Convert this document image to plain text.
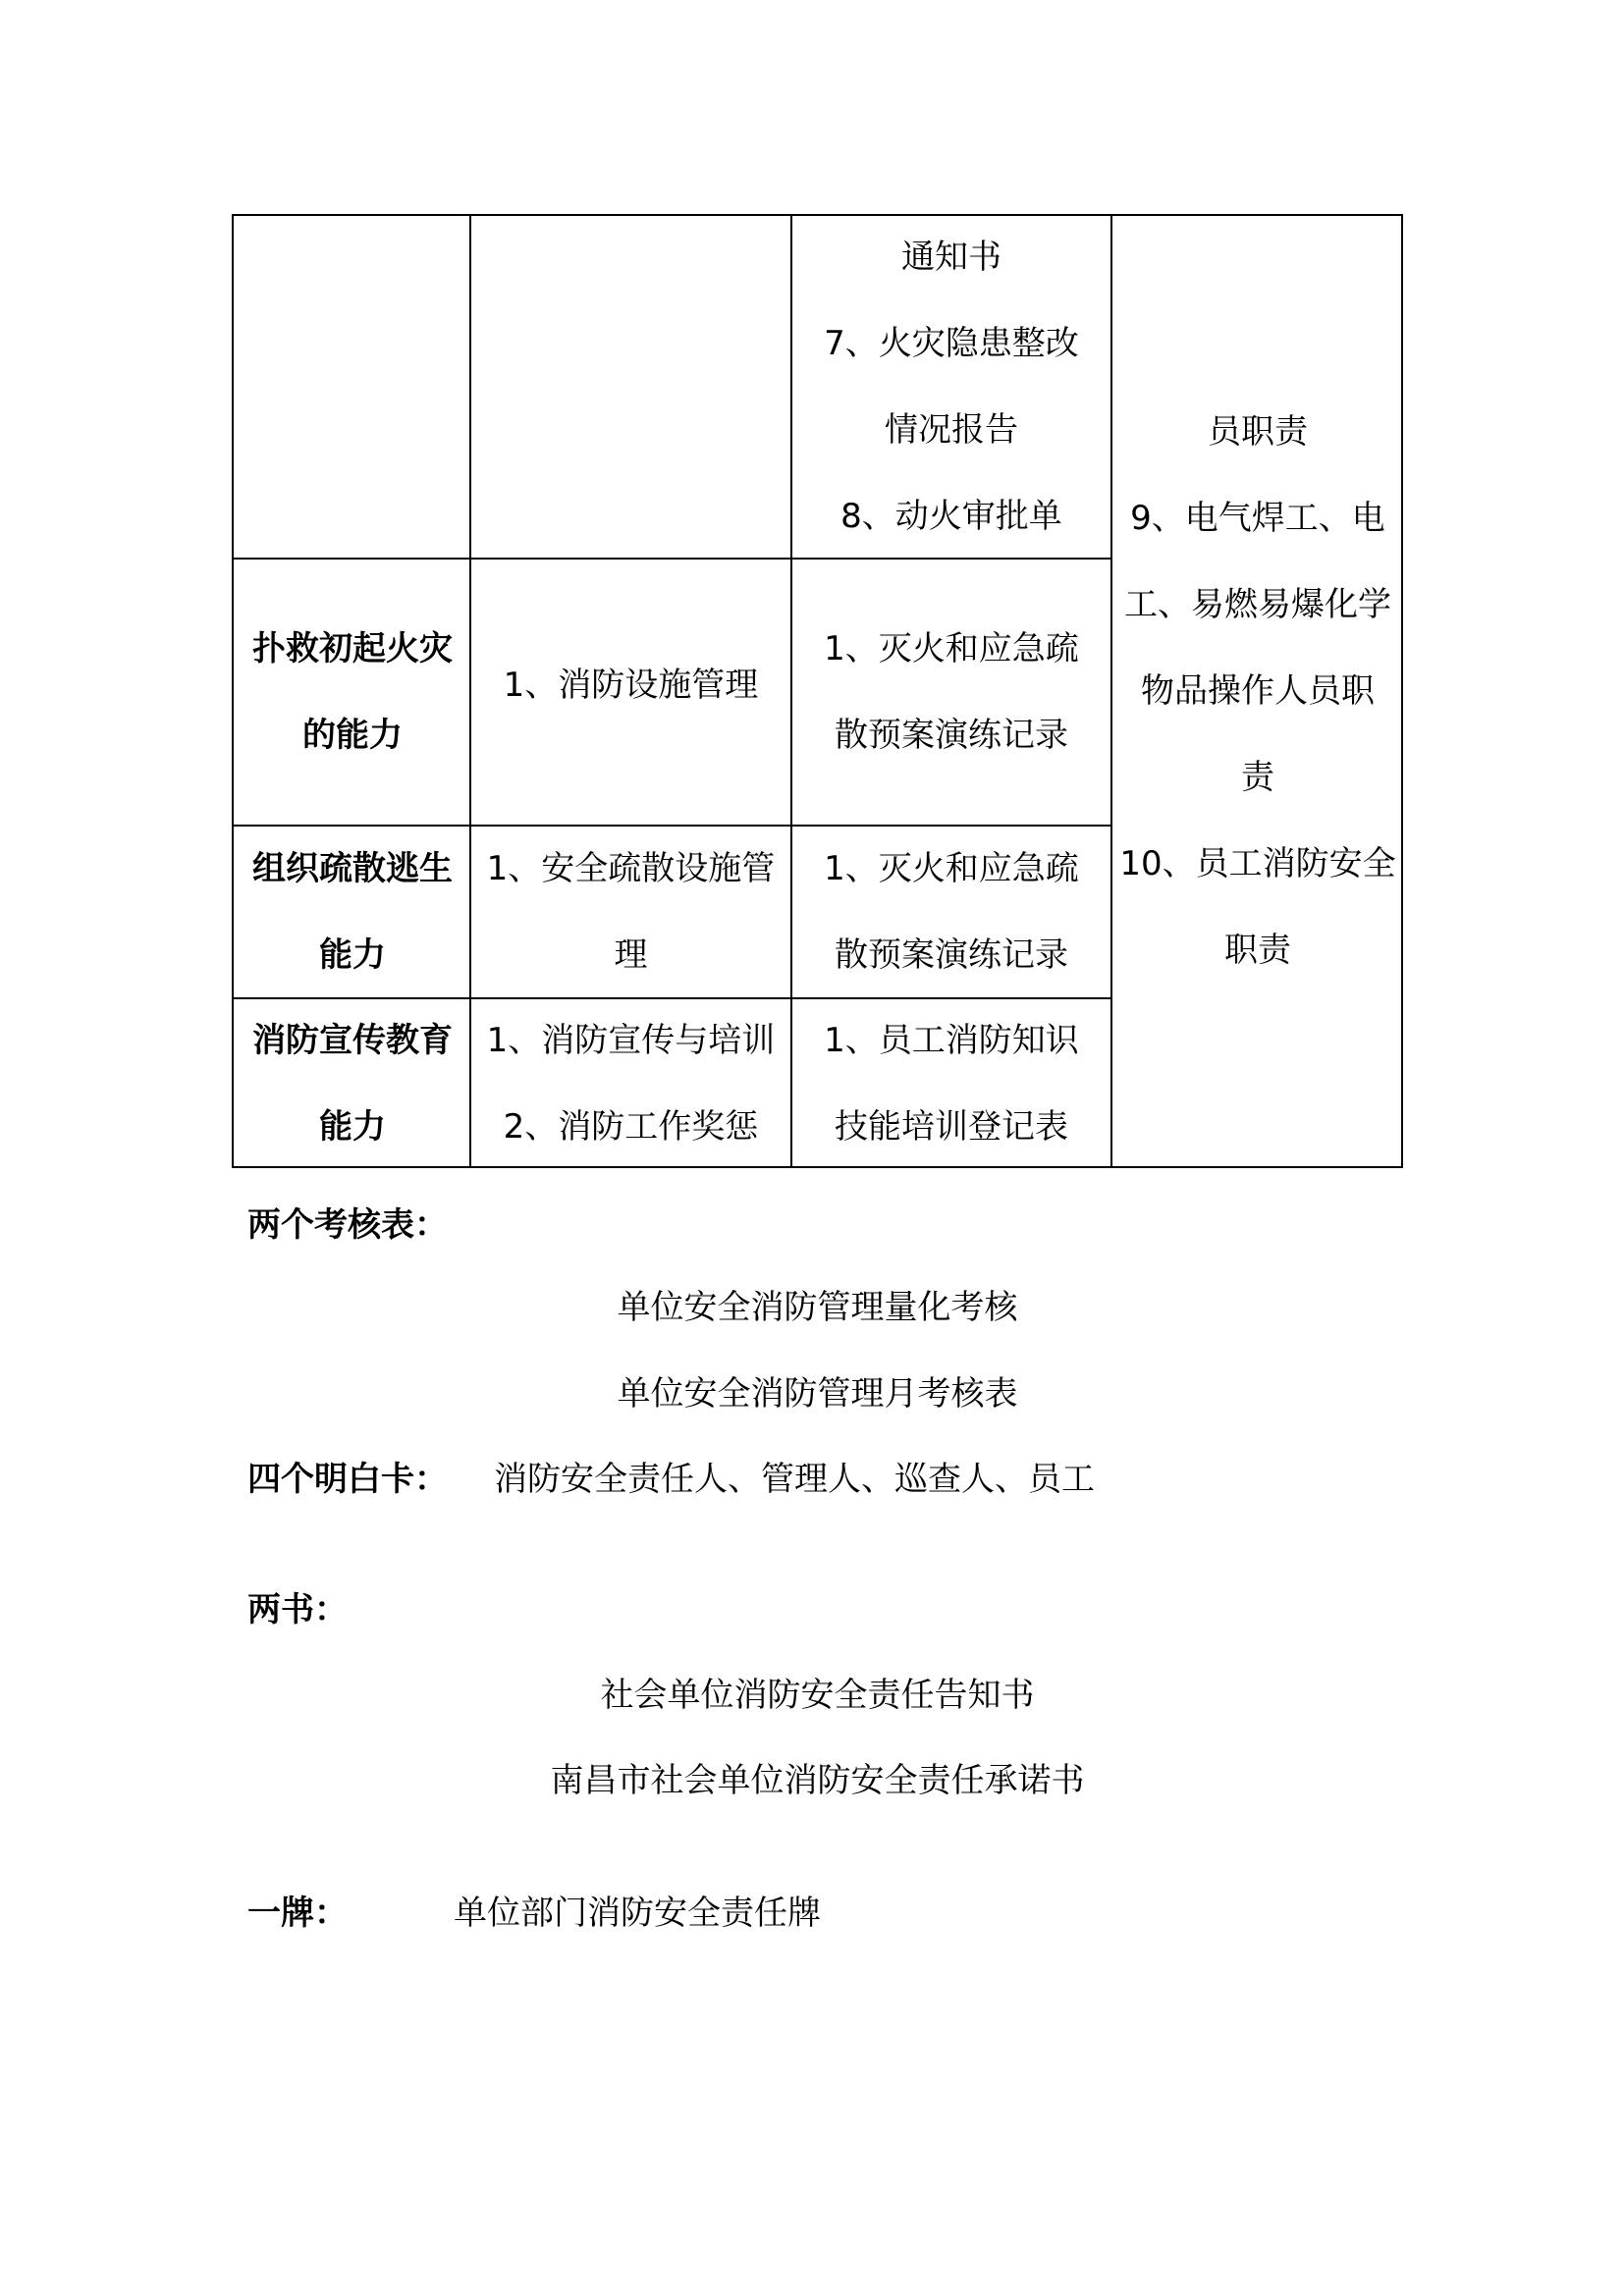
通知书
7、火灾隐患整改
情况报告
8、动火审批单
员职责
9、电气焊工、电
工、易燃易爆化学
物品操作人员职
责
10、员工消防安全
职责
扑救初起火灾
的能力
1、消防设施管理
1、灭火和应急疏
散预案演练记录
组织疏散逃生
能力
1、安全疏散设施管
理
1、灭火和应急疏
散预案演练记录
消防宣传教育
能力
1、消防宣传与培训
2、消防工作奖惩
1、员工消防知识
技能培训登记表
两个考核表：
单位安全消防管理量化考核
单位安全消防管理月考核表
四个明白卡： 消防安全责任人、管理人、巡查人、员工
两书：
社会单位消防安全责任告知书
南昌市社会单位消防安全责任承诺书
一牌：	单位部门消防安全责任牌
